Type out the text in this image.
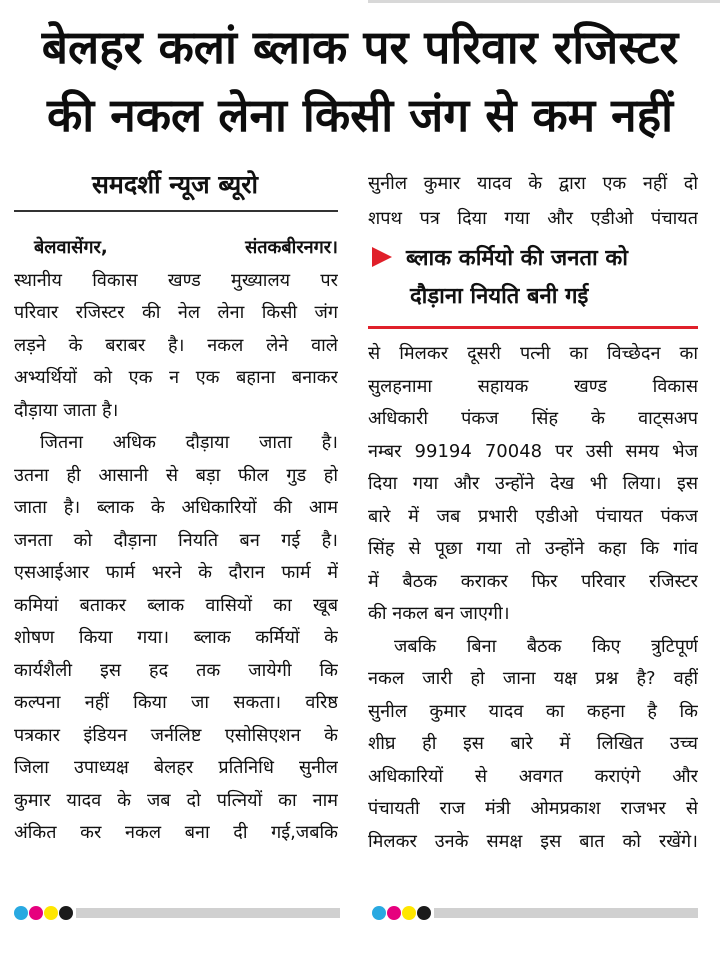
बेलहर कलां ब्लाक पर परिवार रजिस्टर
की नकल लेना किसी जंग से कम नहीं
समदर्शी न्यूज ब्यूरो
बेलवासेंगर, संतकबीरनगर।
स्थानीय विकास खण्ड मुख्यालय पर
परिवार रजिस्टर की नेल लेना किसी जंग
लड़ने के बराबर है। नकल लेने वाले
अभ्यर्थियों को एक न एक बहाना बनाकर
दौड़ाया जाता है।
जितना अधिक दौड़ाया जाता है।
उतना ही आसानी से बड़ा फील गुड हो
जाता है। ब्लाक के अधिकारियों की आम
जनता को दौड़ाना नियति बन गई है।
एसआईआर फार्म भरने के दौरान फार्म में
कमियां बताकर ब्लाक वासियों का खूब
शोषण किया गया। ब्लाक कर्मियों के
कार्यशैली इस हद तक जायेगी कि
कल्पना नहीं किया जा सकता। वरिष्ठ
पत्रकार इंडियन जर्नलिष्ट एसोसिएशन के
जिला उपाध्यक्ष बेलहर प्रतिनिधि सुनील
कुमार यादव के जब दो पत्नियों का नाम
अंकित कर नकल बना दी गई,जबकि
सुनील कुमार यादव के द्वारा एक नहीं दो
शपथ पत्र दिया गया और एडीओ पंचायत
ब्लाक कर्मियो की जनता को
दौड़ाना नियति बनी गई
से मिलकर दूसरी पत्नी का विच्छेदन का
सुलहनामा सहायक खण्ड विकास
अधिकारी पंकज सिंह के वाट्सअप
नम्बर 99194 70048 पर उसी समय भेज
दिया गया और उन्होंने देख भी लिया। इस
बारे में जब प्रभारी एडीओ पंचायत पंकज
सिंह से पूछा गया तो उन्होंने कहा कि गांव
में बैठक कराकर फिर परिवार रजिस्टर
की नकल बन जाएगी।
जबकि बिना बैठक किए त्रुटिपूर्ण
नकल जारी हो जाना यक्ष प्रश्न है? वहीं
सुनील कुमार यादव का कहना है कि
शीघ्र ही इस बारे में लिखित उच्च
अधिकारियों से अवगत कराएंगे और
पंचायती राज मंत्री ओमप्रकाश राजभर से
मिलकर उनके समक्ष इस बात को रखेंगे।
